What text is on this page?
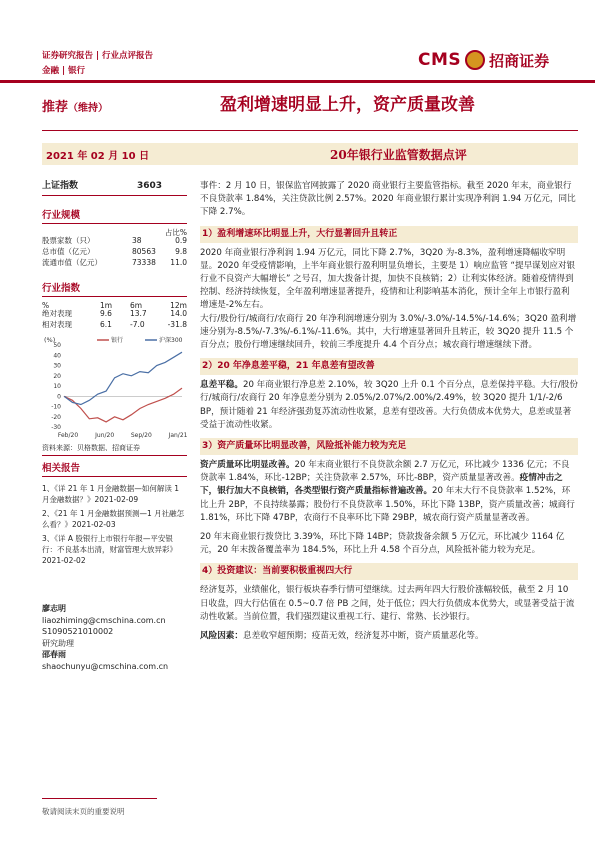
证券研究报告 | 行业点评报告
金融 | 银行
CMS 招商证券
推荐（维持）	盈利增速明显上升，资产质量改善
2021 年 02 月 10 日	20年银行业监管数据点评
上证指数	3603
行业规模
占比%
股票家数（只）	38	0.9
总市值（亿元）	80563	9.8
流通市值（亿元）	73338	11.0
行业指数
%	1m	6m	12m
绝对表现	9.6	13.7	14.0
相对表现	6.1	-7.0	-31.8
(%)
50
40
30
20
10
0
-10
-20
-30
Feb/20	Jun/20	Sep/20	Jan/21
银行	沪深300
资料来源：贝格数据、招商证券
相关报告
1、《详 21 年 1 月金融数据—如何解读 1 月金融数据？》2021-02-09
2、《21 年 1 月金融数据预测—1 月社融怎么看？》2021-02-03
3、《详 A 股银行上市银行年报—平安银行：不良基本出清，财富管理大放异彩》2021-02-02
廖志明
liaozhiming@cmschina.com.cn
S1090521010002
研究助理
邵春雨
shaochunyu@cmschina.com.cn

事件：2 月 10 日，银保监官网披露了 2020 商业银行主要监管指标。截至 2020 年末，商业银行不良贷款率 1.84%，关注贷款比例 2.57%。2020 年商业银行累计实现净利润 1.94 万亿元，同比下降 2.7%。

1）盈利增速环比明显上升，大行显著回升且转正

2020 年商业银行净利润 1.94 万亿元，同比下降 2.7%，3Q20 为-8.3%，盈利增速降幅收窄明显。2020 年受疫情影响，上半年商业银行盈利明显负增长，主要是 1）响应监管 “提早谋划应对银行业不良资产大幅增长” 之号召，加大拨备计提，加快不良核销；2）让利实体经济。随着疫情得到控制、经济持续恢复，全年盈利增速显著提升，疫情和让利影响基本消化，预计全年上市银行盈利增速是-2%左右。

大行/股份行/城商行/农商行 20 年净利润增速分别为 3.0%/-3.0%/-14.5%/-14.6%；3Q20 盈利增速分别为-8.5%/-7.3%/-6.1%/-11.6%。其中，大行增速显著回升且转正，较 3Q20 提升 11.5 个百分点；股份行增速继续回升，较前三季度提升 4.4 个百分点；城农商行增速继续下滑。

2）20 年净息差平稳，21 年息差有望改善

息差平稳。20 年商业银行净息差 2.10%，较 3Q20 上升 0.1 个百分点，息差保持平稳。大行/股份行/城商行/农商行 20 年净息差分别为 2.05%/2.07%/2.00%/2.49%，较 3Q20 提升 1/1/-2/6 BP，预计随着 21 年经济强劲复苏流动性收紧，息差有望改善。大行负债成本优势大，息差或显著受益于流动性收紧。

3）资产质量环比明显改善，风险抵补能力较为充足

资产质量环比明显改善。20 年末商业银行不良贷款余额 2.7 万亿元，环比减少 1336 亿元；不良贷款率 1.84%，环比-12BP；关注贷款率 2.57%，环比-8BP，资产质量显著改善。疫情冲击之下，银行加大不良核销，各类型银行资产质量指标普遍改善。20 年末大行不良贷款率 1.52%，环比上升 2BP，不良持续暴露；股份行不良贷款率 1.50%，环比下降 13BP，资产质量改善；城商行 1.81%，环比下降 47BP，农商行不良率环比下降 29BP，城农商行资产质量显著改善。

20 年末商业银行拨贷比 3.39%，环比下降 14BP；贷款拨备余额 5 万亿元，环比减少 1164 亿元，20 年末拨备覆盖率为 184.5%，环比上升 4.58 个百分点，风险抵补能力较为充足。

4）投资建议：当前要积极重视四大行

经济复苏，业绩催化，银行板块春季行情可望继续。过去两年四大行股价涨幅较低，截至 2 月 10 日收盘，四大行估值在 0.5~0.7 倍 PB 之间，处于低位；四大行负债成本优势大，或显著受益于流动性收紧。当前位置，我们强烈建议重视工行、建行、常熟、长沙银行。

风险因素：息差收窄超预期；疫苗无效，经济复苏中断，资产质量恶化等。

敬请阅读末页的重要说明
